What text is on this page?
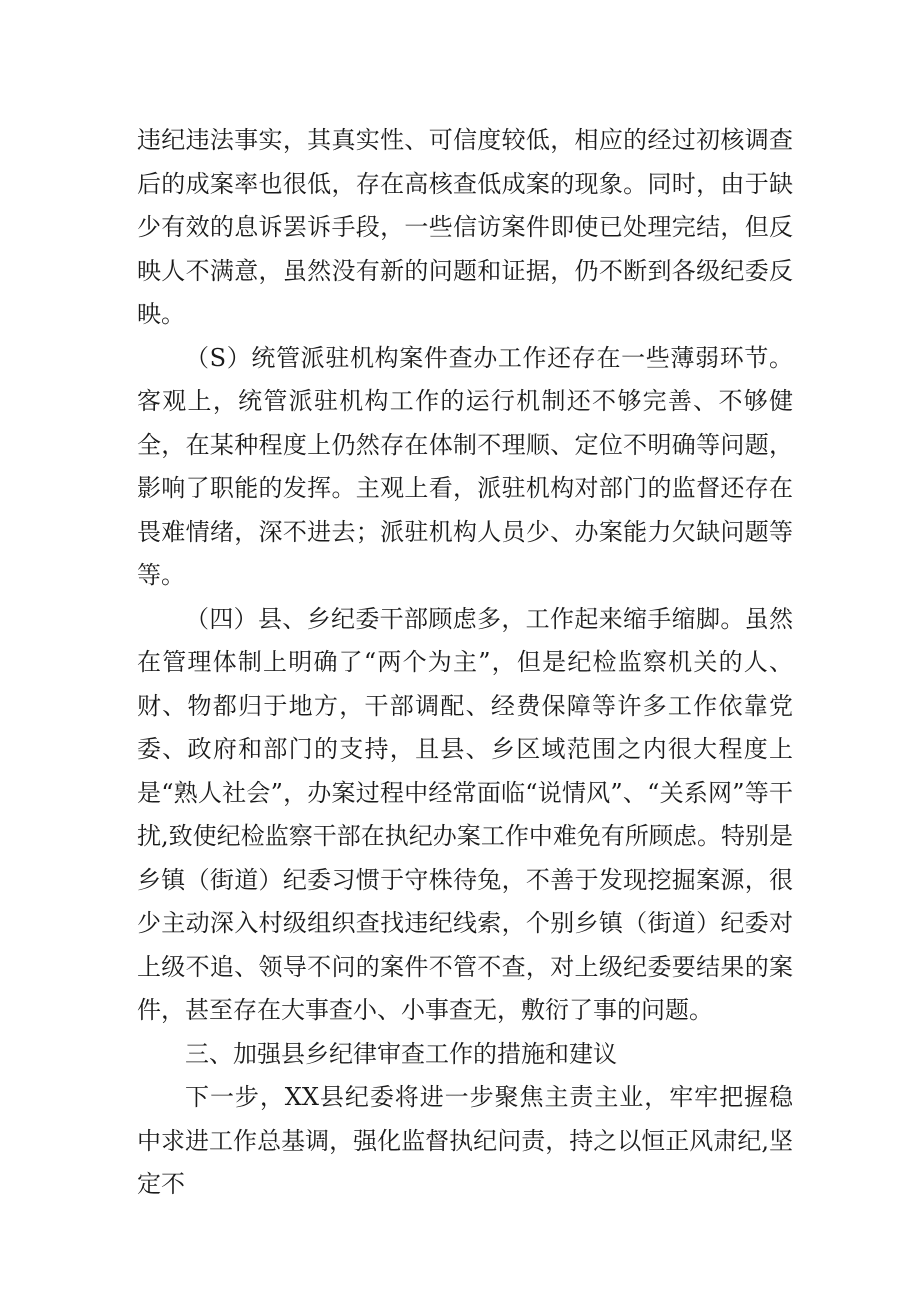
违纪违法事实，其真实性、可信度较低，相应的经过初核调查后的成案率也很低，存在高核查低成案的现象。同时，由于缺少有效的息诉罢诉手段，一些信访案件即使已处理完结，但反映人不满意，虽然没有新的问题和证据，仍不断到各级纪委反映。

（S）统管派驻机构案件查办工作还存在一些薄弱环节。客观上，统管派驻机构工作的运行机制还不够完善、不够健全，在某种程度上仍然存在体制不理顺、定位不明确等问题，影响了职能的发挥。主观上看，派驻机构对部门的监督还存在畏难情绪，深不进去；派驻机构人员少、办案能力欠缺问题等等。

（四）县、乡纪委干部顾虑多，工作起来缩手缩脚。虽然在管理体制上明确了“两个为主”，但是纪检监察机关的人、财、物都归于地方，干部调配、经费保障等许多工作依靠党委、政府和部门的支持，且县、乡区域范围之内很大程度上是“熟人社会”，办案过程中经常面临“说情风”、“关系网”等干扰,致使纪检监察干部在执纪办案工作中难免有所顾虑。特别是乡镇（街道）纪委习惯于守株待兔，不善于发现挖掘案源，很少主动深入村级组织查找违纪线索，个别乡镇（街道）纪委对上级不追、领导不问的案件不管不查，对上级纪委要结果的案件，甚至存在大事查小、小事查无，敷衍了事的问题。

三、加强县乡纪律审查工作的措施和建议

下一步，XX县纪委将进一步聚焦主责主业，牢牢把握稳中求进工作总基调，强化监督执纪问责，持之以恒正风肃纪,坚定不
